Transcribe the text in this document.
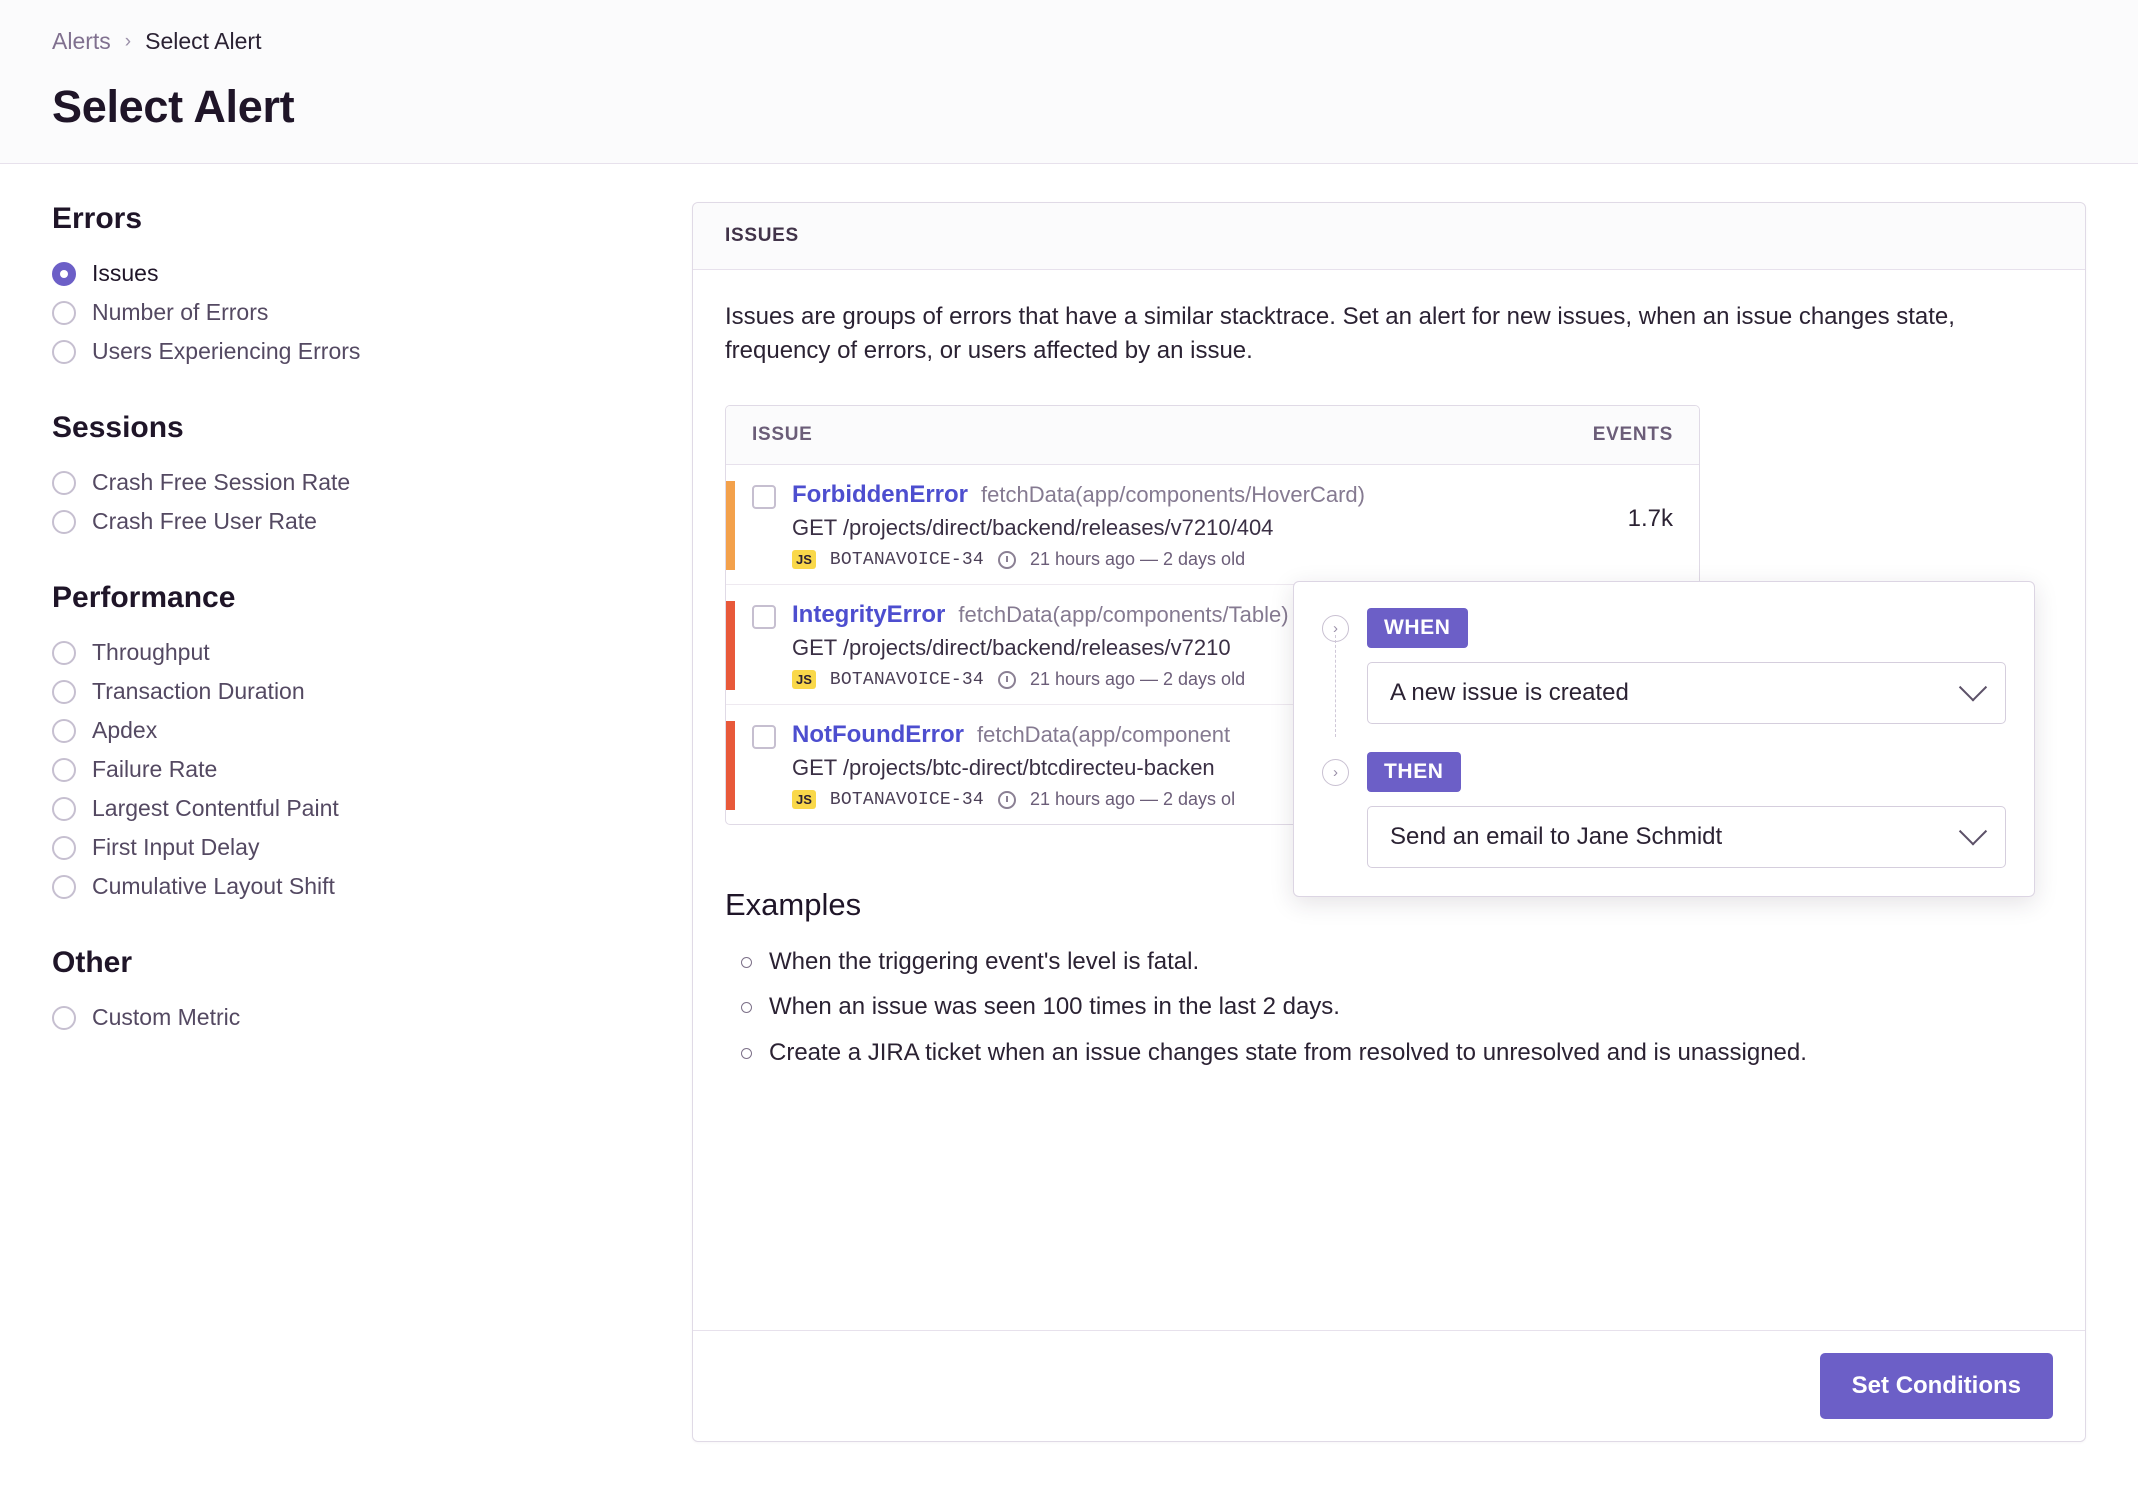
Alerts › Select Alert
Select Alert
Errors
Issues
Number of Errors
Users Experiencing Errors
Sessions
Crash Free Session Rate
Crash Free User Rate
Performance
Throughput
Transaction Duration
Apdex
Failure Rate
Largest Contentful Paint
First Input Delay
Cumulative Layout Shift
Other
Custom Metric
ISSUES

Issues are groups of errors that have a similar stacktrace. Set an alert for new issues, when an issue changes state, frequency of errors, or users affected by an issue.

ISSUE	EVENTS
ForbiddenError fetchData(app/components/HoverCard)
GET /projects/direct/backend/releases/v7210/404
JS BOTANAVOICE-34	21 hours ago — 2 days old
1.7k
IntegrityError fetchData(app/components/Table)
GET /projects/direct/backend/releases/v7210
JS BOTANAVOICE-34	21 hours ago — 2 days old
NotFoundError fetchData(app/component
GET /projects/btc-direct/btcdirecteu-backen
JS BOTANAVOICE-34	21 hours ago — 2 days ol
Examples
When the triggering event's level is fatal.
When an issue was seen 100 times in the last 2 days.
Create a JIRA ticket when an issue changes state from resolved to unresolved and is unassigned.
›	WHEN
A new issue is created
›	THEN
Send an email to Jane Schmidt
Set Conditions
